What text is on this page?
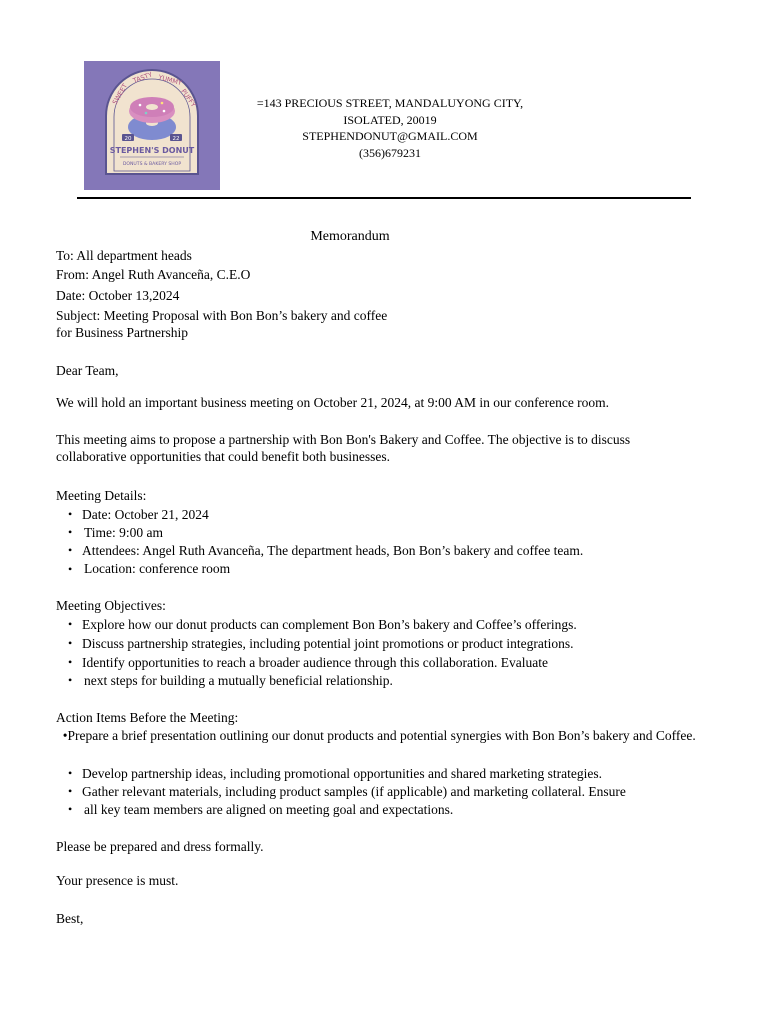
SWEET
TASTY YUMMY
PUFFY
20	22
STEPHEN'S DONUT
DONUTS & BAKERY SHOP
=143 PRECIOUS STREET, MANDALUYONG CITY,
ISOLATED, 20019
STEPHENDONUT@GMAIL.COM
(356)679231
Memorandum
To: All department heads
From: Angel Ruth Avanceña, C.E.O
Date: October 13,2024
Subject: Meeting Proposal with Bon Bon’s bakery and coffee
for Business Partnership
Dear Team,
We will hold an important business meeting on October 21, 2024, at 9:00 AM in our conference room.
This meeting aims to propose a partnership with Bon Bon's Bakery and Coffee. The objective is to discuss collaborative opportunities that could benefit both businesses.
Meeting Details:
• Date: October 21, 2024
• Time: 9:00 am
• Attendees: Angel Ruth Avanceña, The department heads, Bon Bon’s bakery and coffee team.
• Location: conference room
Meeting Objectives:
• Explore how our donut products can complement Bon Bon’s bakery and Coffee’s offerings.
• Discuss partnership strategies, including potential joint promotions or product integrations.
• Identify opportunities to reach a broader audience through this collaboration. Evaluate
• next steps for building a mutually beneficial relationship.
Action Items Before the Meeting:
•Prepare a brief presentation outlining our donut products and potential synergies with Bon Bon’s bakery and Coffee.
• Develop partnership ideas, including promotional opportunities and shared marketing strategies.
• Gather relevant materials, including product samples (if applicable) and marketing collateral. Ensure
• all key team members are aligned on meeting goal and expectations.
Please be prepared and dress formally.
Your presence is must.
Best,
